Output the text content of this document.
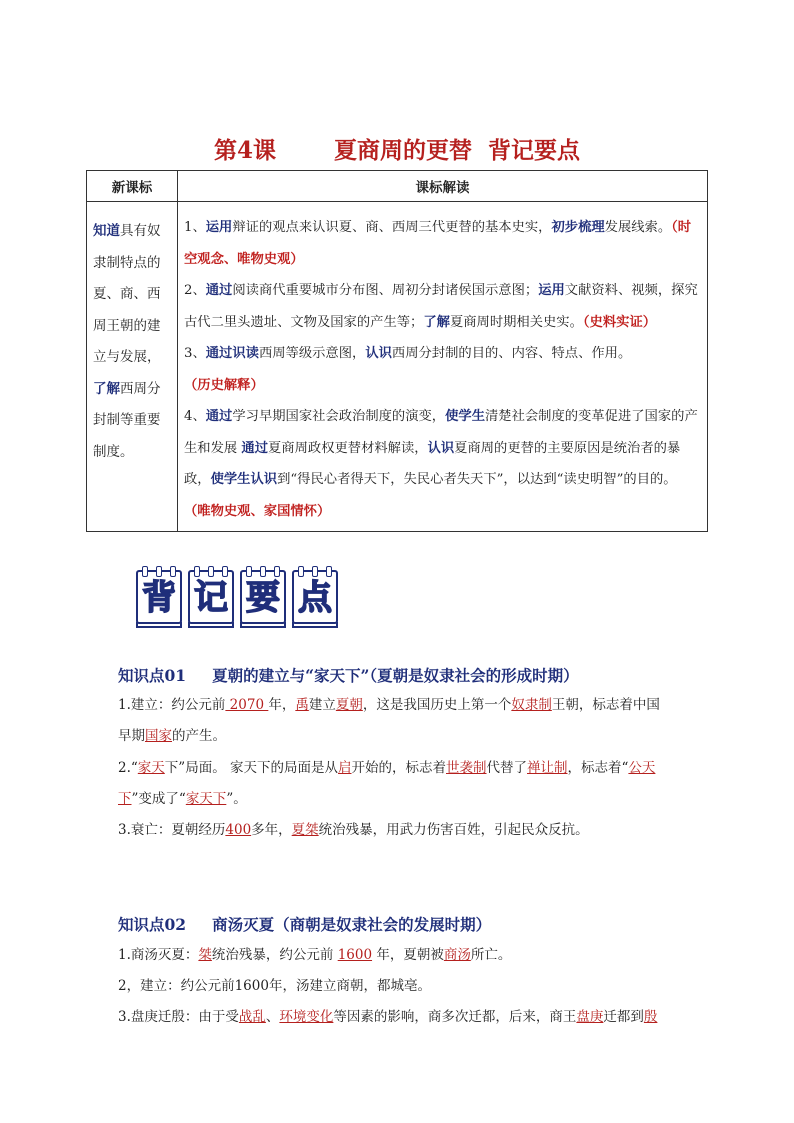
第4课	夏商周的更替 背记要点
新课标	课标解读
知道具有奴隶制特点的夏、商、西周王朝的建立与发展，了解西周分封制等重要制度。	1、运用辩证的观点来认识夏、商、西周三代更替的基本史实，初步梳理发展线索。（时空观念、唯物史观）
2、通过阅读商代重要城市分布图、周初分封诸侯国示意图；运用文献资料、视频，探究古代二里头遗址、文物及国家的产生等；了解夏商周时期相关史实。（史料实证）
3、通过识读西周等级示意图，认识西周分封制的目的、内容、特点、作用。（历史解释）
4、通过学习早期国家社会政治制度的演变，使学生清楚社会制度的变革促进了国家的产生和发展 通过夏商周政权更替材料解读，认识夏商周的更替的主要原因是统治者的暴政，使学生认识到“得民心者得天下，失民心者失天下”，以达到“读史明智”的目的。
（唯物史观、家国情怀）
背 记 要 点
知识点01 夏朝的建立与“家天下”（夏朝是奴隶社会的形成时期）
1.建立：约公元前 2070 年，禹建立夏朝，这是我国历史上第一个奴隶制王朝，标志着中国
早期国家的产生。
2.“家天下”局面。 家天下的局面是从启开始的，标志着世袭制代替了禅让制，标志着“公天
下”变成了“家天下”。
3.衰亡：夏朝经历400多年，夏桀统治残暴，用武力伤害百姓，引起民众反抗。
知识点02 商汤灭夏（商朝是奴隶社会的发展时期）
1.商汤灭夏：桀统治残暴，约公元前 1600 年，夏朝被商汤所亡。
2，建立：约公元前1600年，汤建立商朝，都城亳。
3.盘庚迁殷：由于受战乱、环境变化等因素的影响，商多次迁都，后来，商王盘庚迁都到殷
